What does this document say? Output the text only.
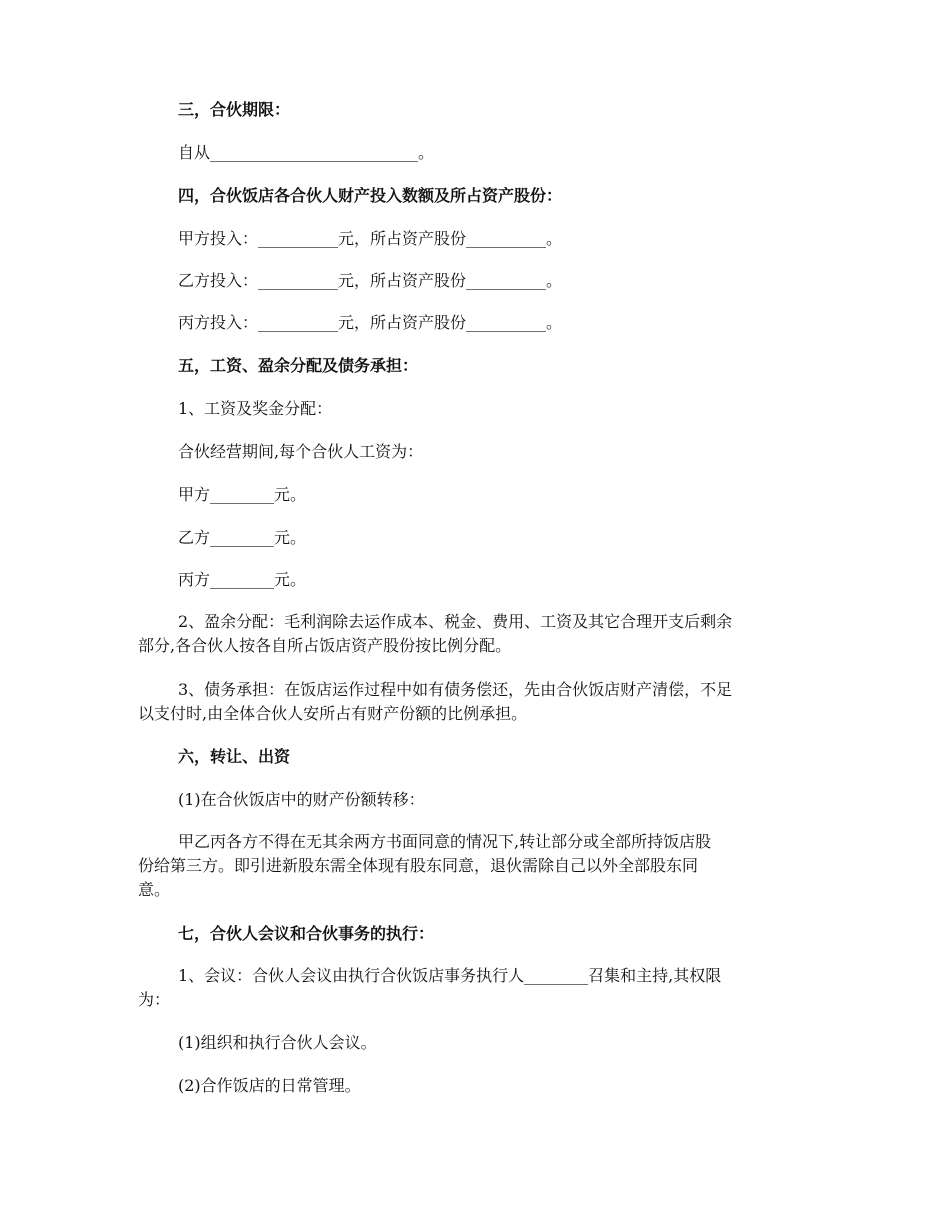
三，合伙期限：
自从__________________________。
四，合伙饭店各合伙人财产投入数额及所占资产股份：
甲方投入：__________元，所占资产股份__________。
乙方投入：__________元，所占资产股份__________。
丙方投入：__________元，所占资产股份__________。
五，工资、盈余分配及债务承担：
1、工资及奖金分配：
合伙经营期间,每个合伙人工资为：
甲方________元。
乙方________元。
丙方________元。
2、盈余分配：毛利润除去运作成本、税金、费用、工资及其它合理开支后剩余
部分,各合伙人按各自所占饭店资产股份按比例分配。
3、债务承担：在饭店运作过程中如有债务偿还，先由合伙饭店财产清偿，不足
以支付时,由全体合伙人安所占有财产份额的比例承担。
六，转让、出资
(1)在合伙饭店中的财产份额转移：
甲乙丙各方不得在无其余两方书面同意的情况下,转让部分或全部所持饭店股
份给第三方。即引进新股东需全体现有股东同意，退伙需除自己以外全部股东同
意。
七，合伙人会议和合伙事务的执行：
1、会议：合伙人会议由执行合伙饭店事务执行人________召集和主持,其权限
为：
(1)组织和执行合伙人会议。
(2)合作饭店的日常管理。
